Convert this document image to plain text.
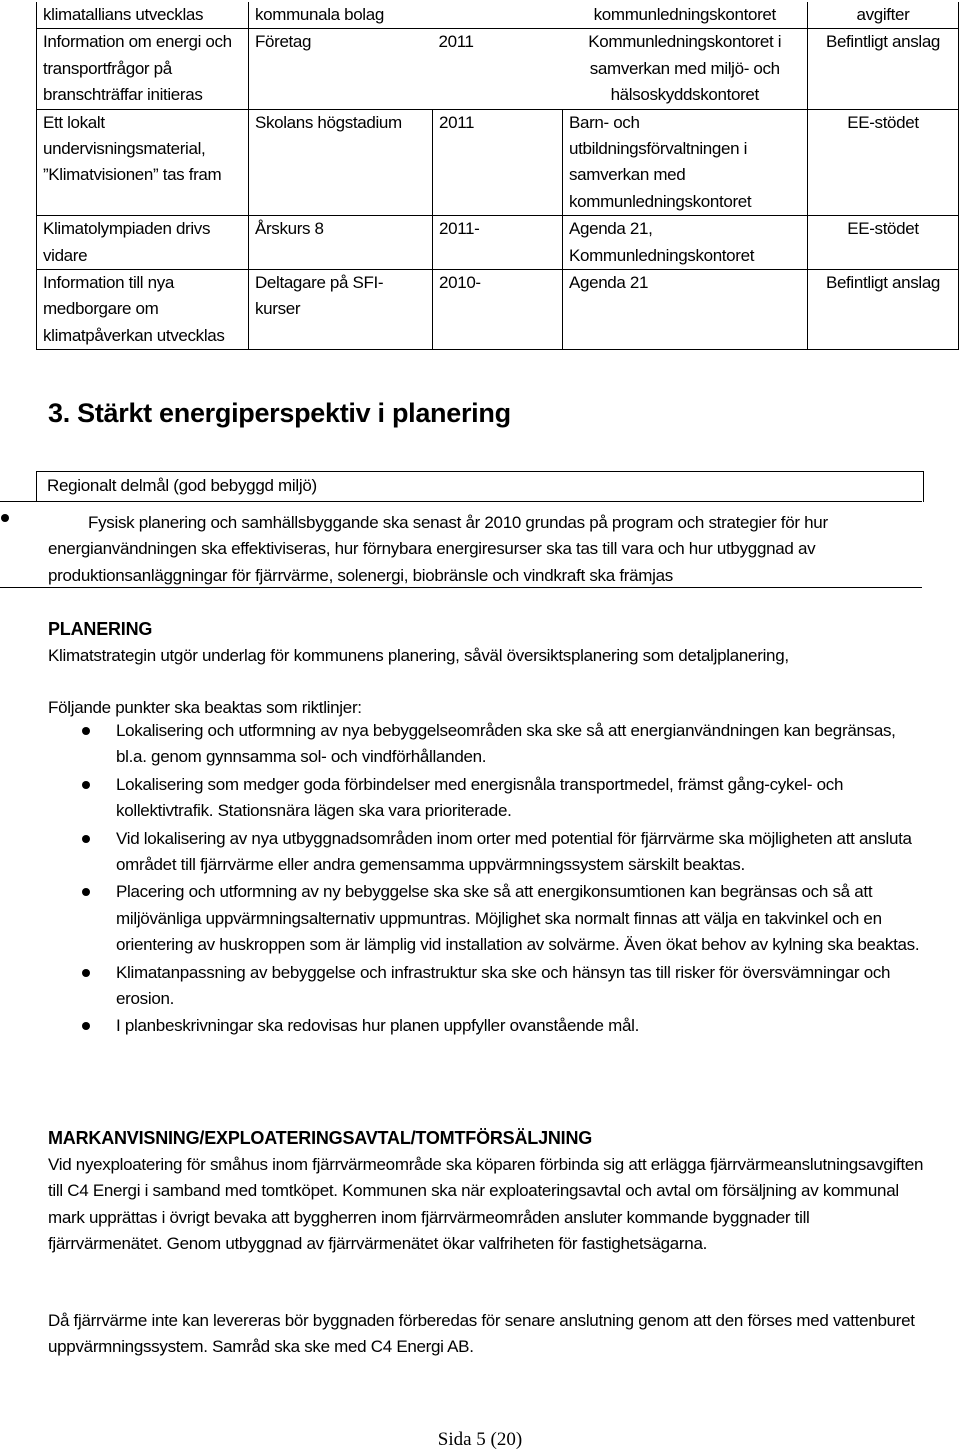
klimatallians utvecklas	kommunala bolag		kommunledningskontoret	avgifter
Information om energi och transportfrågor på branschträffar initieras	Företag	2011	Kommunledningskontoret i samverkan med miljö- och hälsoskyddskontoret	Befintligt anslag
Ett lokalt undervisningsmaterial, ”Klimatvisionen” tas fram	Skolans högstadium	2011	Barn- och utbildningsförvaltningen i samverkan med kommunledningskontoret	EE-stödet
Klimatolympiaden drivs vidare	Årskurs 8	2011-	Agenda 21, Kommunledningskontoret	EE-stödet
Information till nya medborgare om klimatpåverkan utvecklas	Deltagare på SFI-kurser	2010-	Agenda 21	Befintligt anslag
3. Stärkt energiperspektiv i planering
Regionalt delmål (god bebyggd miljö)
Fysisk planering och samhällsbyggande ska senast år 2010 grundas på program och strategier för hur energianvändningen ska effektiviseras, hur förnybara energiresurser ska tas till vara och hur utbyggnad av produktionsanläggningar för fjärrvärme, solenergi, biobränsle och vindkraft ska främjas
PLANERING
Klimatstrategin utgör underlag för kommunens planering, såväl översiktsplanering som detaljplanering,
Följande punkter ska beaktas som riktlinjer:
Lokalisering och utformning av nya bebyggelseområden ska ske så att energianvändningen kan begränsas, bl.a. genom gynnsamma sol- och vindförhållanden.
Lokalisering som medger goda förbindelser med energisnåla transportmedel, främst gång-cykel- och kollektivtrafik. Stationsnära lägen ska vara prioriterade.
Vid lokalisering av nya utbyggnadsområden inom orter med potential för fjärrvärme ska möjligheten att ansluta området till fjärrvärme eller andra gemensamma uppvärmningssystem särskilt beaktas.
Placering och utformning av ny bebyggelse ska ske så att energikonsumtionen kan begränsas och så att miljövänliga uppvärmningsalternativ uppmuntras. Möjlighet ska normalt finnas att välja en takvinkel och en orientering av huskroppen som är lämplig vid installation av solvärme. Även ökat behov av kylning ska beaktas.
Klimatanpassning av bebyggelse och infrastruktur ska ske och hänsyn tas till risker för översvämningar och erosion.
I planbeskrivningar ska redovisas hur planen uppfyller ovanstående mål.
MARKANVISNING/EXPLOATERINGSAVTAL/TOMTFÖRSÄLJNING
Vid nyexploatering för småhus inom fjärrvärmeområde ska köparen förbinda sig att erlägga fjärrvärmeanslutningsavgiften till C4 Energi i samband med tomtköpet. Kommunen ska när exploateringsavtal och avtal om försäljning av kommunal mark upprättas i övrigt bevaka att byggherren inom fjärrvärmeområden ansluter kommande byggnader till fjärrvärmenätet. Genom utbyggnad av fjärrvärmenätet ökar valfriheten för fastighetsägarna.
Då fjärrvärme inte kan levereras bör byggnaden förberedas för senare anslutning genom att den förses med vattenburet uppvärmningssystem. Samråd ska ske med C4 Energi AB.
Sida 5 (20)
